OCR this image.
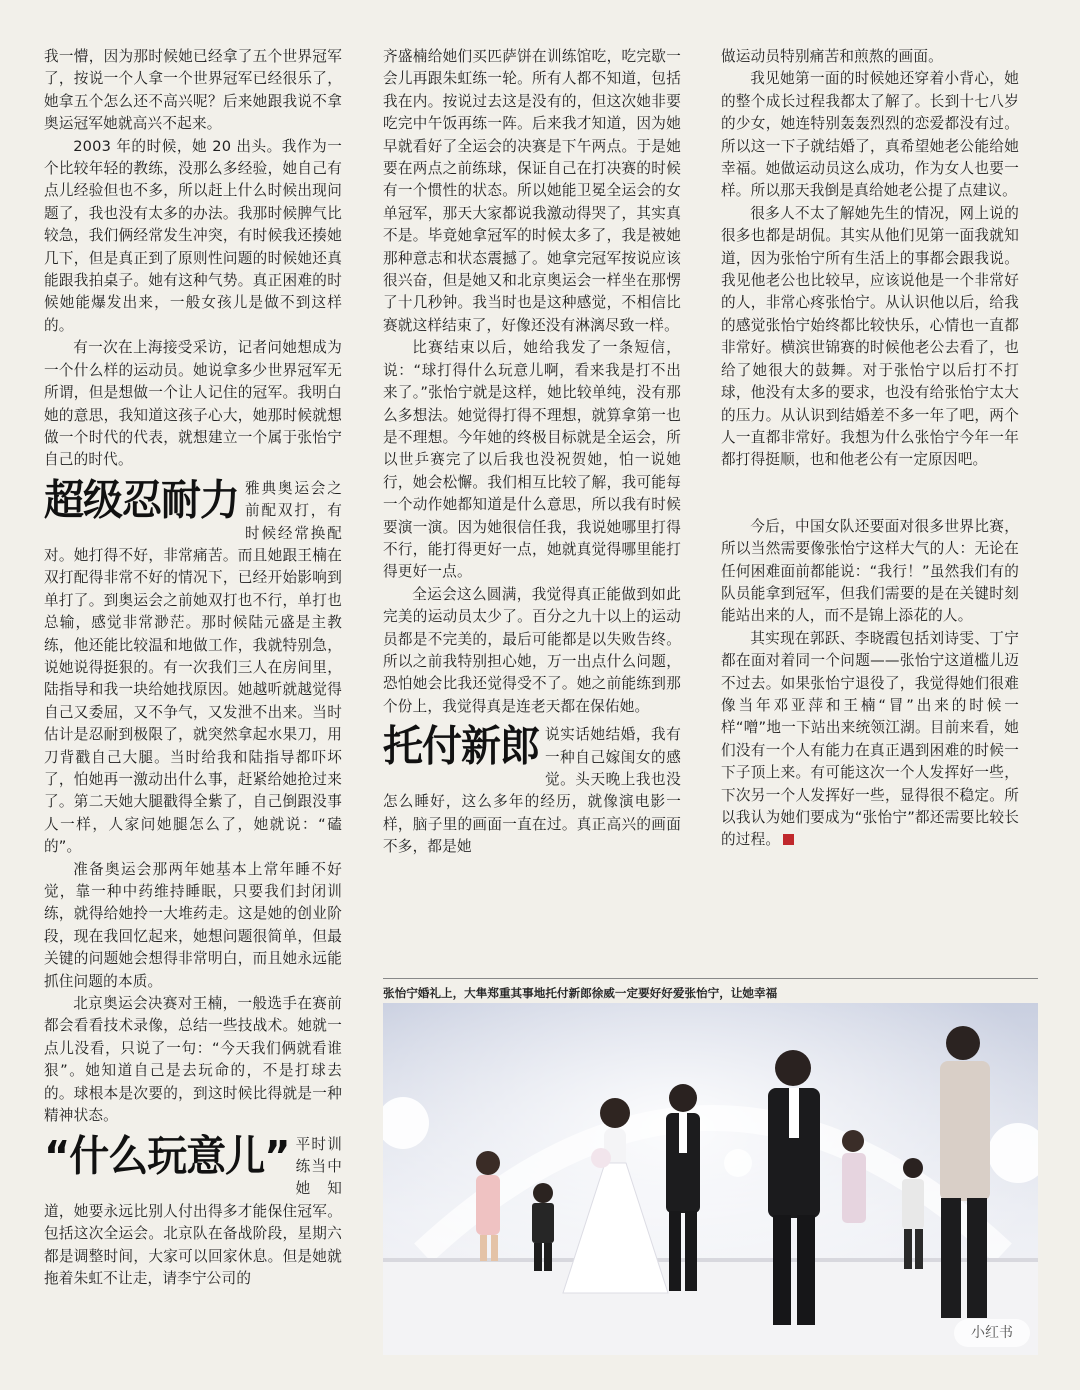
我一懵，因为那时候她已经拿了五个世界冠军了，按说一个人拿一个世界冠军已经很乐了，她拿五个怎么还不高兴呢？后来她跟我说不拿奥运冠军她就高兴不起来。

2003 年的时候，她 20 出头。我作为一个比较年轻的教练，没那么多经验，她自己有点儿经验但也不多，所以赶上什么时候出现问题了，我也没有太多的办法。我那时候脾气比较急，我们俩经常发生冲突，有时候我还揍她几下，但是真正到了原则性问题的时候她还真能跟我拍桌子。她有这种气势。真正困难的时候她能爆发出来，一般女孩儿是做不到这样的。

有一次在上海接受采访，记者问她想成为一个什么样的运动员。她说拿多少世界冠军无所谓，但是想做一个让人记住的冠军。我明白她的意思，我知道这孩子心大，她那时候就想做一个时代的代表，就想建立一个属于张怡宁自己的时代。

超级忍耐力 雅典奥运会之前配双打，有时候经常换配对。她打得不好，非常痛苦。而且她跟王楠在双打配得非常不好的情况下，已经开始影响到单打了。到奥运会之前她双打也不行，单打也总输，感觉非常渺茫。那时候陆元盛是主教练，他还能比较温和地做工作，我就特别急，说她说得挺狠的。有一次我们三人在房间里，陆指导和我一块给她找原因。她越听就越觉得自己又委屈，又不争气，又发泄不出来。当时估计是忍耐到极限了，就突然拿起水果刀，用刀背戳自己大腿。当时给我和陆指导都吓坏了，怕她再一激动出什么事，赶紧给她抢过来了。第二天她大腿戳得全紫了，自己倒跟没事人一样，人家问她腿怎么了，她就说：“磕的”。

准备奥运会那两年她基本上常年睡不好觉，靠一种中药维持睡眠，只要我们封闭训练，就得给她拎一大堆药走。这是她的创业阶段，现在我回忆起来，她想问题很简单，但最关键的问题她会想得非常明白，而且她永远能抓住问题的本质。

北京奥运会决赛对王楠，一般选手在赛前都会看看技术录像，总结一些技战术。她就一点儿没看，只说了一句：“今天我们俩就看谁狠”。她知道自己是去玩命的，不是打球去的。球根本是次要的，到这时候比得就是一种精神状态。

“什么玩意儿” 平时训练当中她知道，她要永远比别人付出得多才能保住冠军。包括这次全运会。北京队在备战阶段，星期六都是调整时间，大家可以回家休息。但是她就拖着朱虹不让走，请李宁公司的

齐盛楠给她们买匹萨饼在训练馆吃，吃完歇一会儿再跟朱虹练一轮。所有人都不知道，包括我在内。按说过去这是没有的，但这次她非要吃完中午饭再练一阵。后来我才知道，因为她早就看好了全运会的决赛是下午两点。于是她要在两点之前练球，保证自己在打决赛的时候有一个惯性的状态。所以她能卫冕全运会的女单冠军，那天大家都说我激动得哭了，其实真不是。毕竟她拿冠军的时候太多了，我是被她那种意志和状态震撼了。她拿完冠军按说应该很兴奋，但是她又和北京奥运会一样坐在那愣了十几秒钟。我当时也是这种感觉，不相信比赛就这样结束了，好像还没有淋漓尽致一样。

比赛结束以后，她给我发了一条短信，说：“球打得什么玩意儿啊，看来我是打不出来了。”张怡宁就是这样，她比较单纯，没有那么多想法。她觉得打得不理想，就算拿第一也是不理想。今年她的终极目标就是全运会，所以世乒赛完了以后我也没祝贺她，怕一说她行，她会松懈。我们相互比较了解，我可能每一个动作她都知道是什么意思，所以我有时候要演一演。因为她很信任我，我说她哪里打得不行，能打得更好一点，她就真觉得哪里能打得更好一点。

全运会这么圆满，我觉得真正能做到如此完美的运动员太少了。百分之九十以上的运动员都是不完美的，最后可能都是以失败告终。所以之前我特别担心她，万一出点什么问题，恐怕她会比我还觉得受不了。她之前能练到那个份上，我觉得真是连老天都在保佑她。

托付新郎 说实话她结婚，我有一种自己嫁闺女的感觉。头天晚上我也没怎么睡好，这么多年的经历，就像演电影一样，脑子里的画面一直在过。真正高兴的画面不多，都是她

做运动员特别痛苦和煎熬的画面。

我见她第一面的时候她还穿着小背心，她的整个成长过程我都太了解了。长到十七八岁的少女，她连特别轰轰烈烈的恋爱都没有过。所以这一下子就结婚了，真希望她老公能给她幸福。她做运动员这么成功，作为女人也要一样。所以那天我倒是真给她老公提了点建议。

很多人不太了解她先生的情况，网上说的很多也都是胡侃。其实从他们见第一面我就知道，因为张怡宁所有生活上的事都会跟我说。我见他老公也比较早，应该说他是一个非常好的人，非常心疼张怡宁。从认识他以后，给我的感觉张怡宁始终都比较快乐，心情也一直都非常好。横滨世锦赛的时候他老公去看了，也给了她很大的鼓舞。对于张怡宁以后打不打球，他没有太多的要求，也没有给张怡宁太大的压力。从认识到结婚差不多一年了吧，两个人一直都非常好。我想为什么张怡宁今年一年都打得挺顺，也和他老公有一定原因吧。

今后，中国女队还要面对很多世界比赛，所以当然需要像张怡宁这样大气的人：无论在任何困难面前都能说：“我行！”虽然我们有的队员能拿到冠军，但我们需要的是在关键时刻能站出来的人，而不是锦上添花的人。

其实现在郭跃、李晓霞包括刘诗雯、丁宁都在面对着同一个问题——张怡宁这道槛儿迈不过去。如果张怡宁退役了，我觉得她们很难像当年邓亚萍和王楠“冒”出来的时候一样“噌”地一下站出来统领江湖。目前来看，她们没有一个人有能力在真正遇到困难的时候一下子顶上来。有可能这次一个人发挥好一些，下次另一个人发挥好一些，显得很不稳定。所以我认为她们要成为“张怡宁”都还需要比较长的过程。

张怡宁婚礼上，大隼郑重其事地托付新郎徐威一定要好好爱张怡宁，让她幸福
小红书
